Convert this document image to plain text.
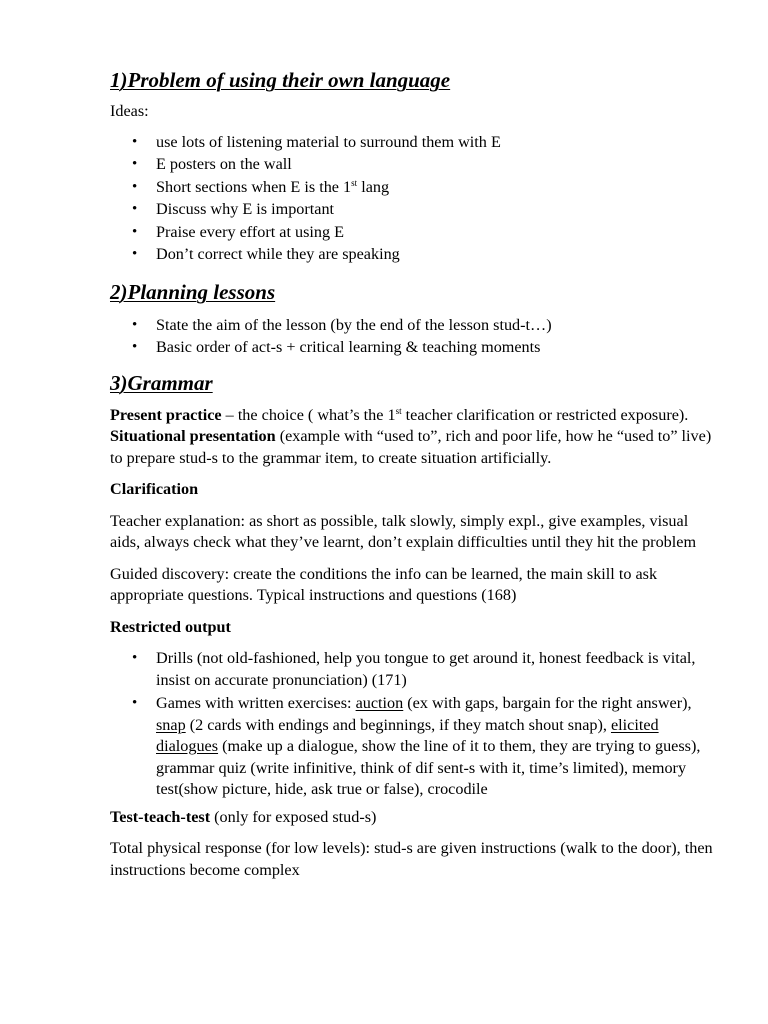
1)Problem of using their own language

Ideas:

• use lots of listening material to surround them with E
• E posters on the wall
• Short sections when E is the 1st lang
• Discuss why E is important
• Praise every effort at using E
• Don’t correct while they are speaking
2)Planning lessons
• State the aim of the lesson (by the end of the lesson stud-t…)
• Basic order of act-s + critical learning & teaching moments
3)Grammar

Present practice – the choice ( what’s the 1st teacher clarification or restricted exposure). Situational presentation (example with “used to”, rich and poor life, how he “used to” live) to prepare stud-s to the grammar item, to create situation artificially.

Clarification

Teacher explanation: as short as possible, talk slowly, simply expl., give examples, visual aids, always check what they’ve learnt, don’t explain difficulties until they hit the problem

Guided discovery: create the conditions the info can be learned, the main skill to ask appropriate questions. Typical instructions and questions (168)

Restricted output

• Drills (not old-fashioned, help you tongue to get around it, honest feedback is vital, insist on accurate pronunciation) (171)
• Games with written exercises: auction (ex with gaps, bargain for the right answer), snap (2 cards with endings and beginnings, if they match shout snap), elicited dialogues (make up a dialogue, show the line of it to them, they are trying to guess), grammar quiz (write infinitive, think of dif sent-s with it, time’s limited), memory test(show picture, hide, ask true or false), crocodile

Test-teach-test (only for exposed stud-s)

Total physical response (for low levels): stud-s are given instructions (walk to the door), then instructions become complex
